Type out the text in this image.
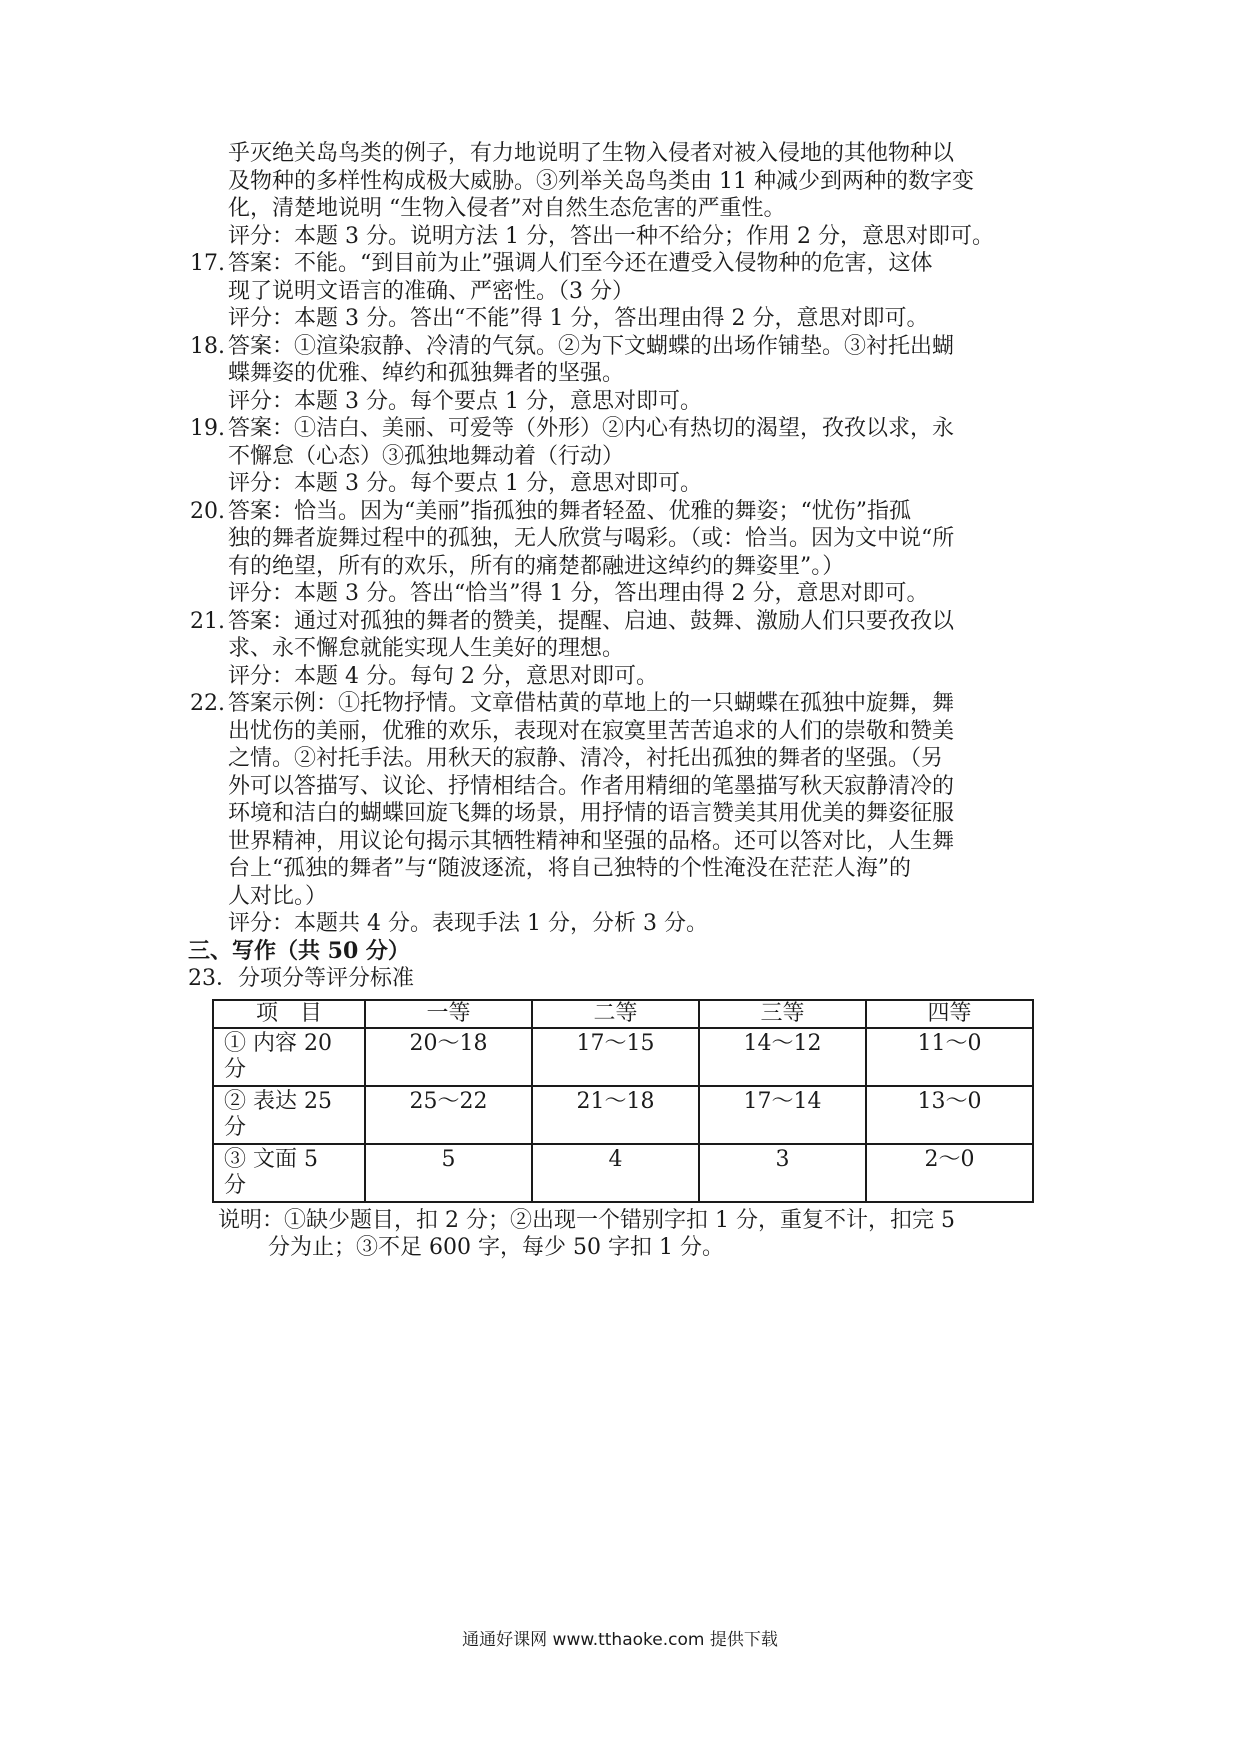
乎灭绝关岛鸟类的例子，有力地说明了生物入侵者对被入侵地的其他物种以
及物种的多样性构成极大威胁。③列举关岛鸟类由 11 种减少到两种的数字变
化，清楚地说明 “生物入侵者”对自然生态危害的严重性。
评分：本题 3 分。说明方法 1 分，答出一种不给分；作用 2 分，意思对即可。
17. 答案：不能。“到目前为止”强调人们至今还在遭受入侵物种的危害，这体
现了说明文语言的准确、严密性。（3 分）
评分：本题 3 分。答出“不能”得 1 分，答出理由得 2 分，意思对即可。
18. 答案：①渲染寂静、冷清的气氛。②为下文蝴蝶的出场作铺垫。③衬托出蝴
蝶舞姿的优雅、绰约和孤独舞者的坚强。
评分：本题 3 分。每个要点 1 分，意思对即可。
19. 答案：①洁白、美丽、可爱等（外形）②内心有热切的渴望，孜孜以求，永
不懈怠（心态）③孤独地舞动着（行动）
评分：本题 3 分。每个要点 1 分，意思对即可。
20. 答案：恰当。因为“美丽”指孤独的舞者轻盈、优雅的舞姿；“忧伤”指孤
独的舞者旋舞过程中的孤独，无人欣赏与喝彩。（或：恰当。因为文中说“所
有的绝望，所有的欢乐，所有的痛楚都融进这绰约的舞姿里”。）
评分：本题 3 分。答出“恰当”得 1 分，答出理由得 2 分，意思对即可。
21. 答案：通过对孤独的舞者的赞美，提醒、启迪、鼓舞、激励人们只要孜孜以
求、永不懈怠就能实现人生美好的理想。
评分：本题 4 分。每句 2 分，意思对即可。
22. 答案示例：①托物抒情。文章借枯黄的草地上的一只蝴蝶在孤独中旋舞，舞
出忧伤的美丽，优雅的欢乐，表现对在寂寞里苦苦追求的人们的崇敬和赞美
之情。②衬托手法。用秋天的寂静、清冷，衬托出孤独的舞者的坚强。（另
外可以答描写、议论、抒情相结合。作者用精细的笔墨描写秋天寂静清冷的
环境和洁白的蝴蝶回旋飞舞的场景，用抒情的语言赞美其用优美的舞姿征服
世界精神，用议论句揭示其牺牲精神和坚强的品格。还可以答对比，人生舞
台上“孤独的舞者”与“随波逐流，将自己独特的个性淹没在茫茫人海”的
人对比。）
评分：本题共 4 分。表现手法 1 分，分析 3 分。
三、写作（共 50 分）
23．分项分等评分标准
项　目	一等	二等	三等	四等

① 内容 20
分	20～18	17～15	14～12	11～0

② 表达 25
分	25～22	21～18	17～14	13～0

③ 文面 5
分	5	4	3	2～0
说明：①缺少题目，扣 2 分；②出现一个错别字扣 1 分，重复不计，扣完 5
分为止；③不足 600 字，每少 50 字扣 1 分。
通通好课网 www.tthaoke.com 提供下载
